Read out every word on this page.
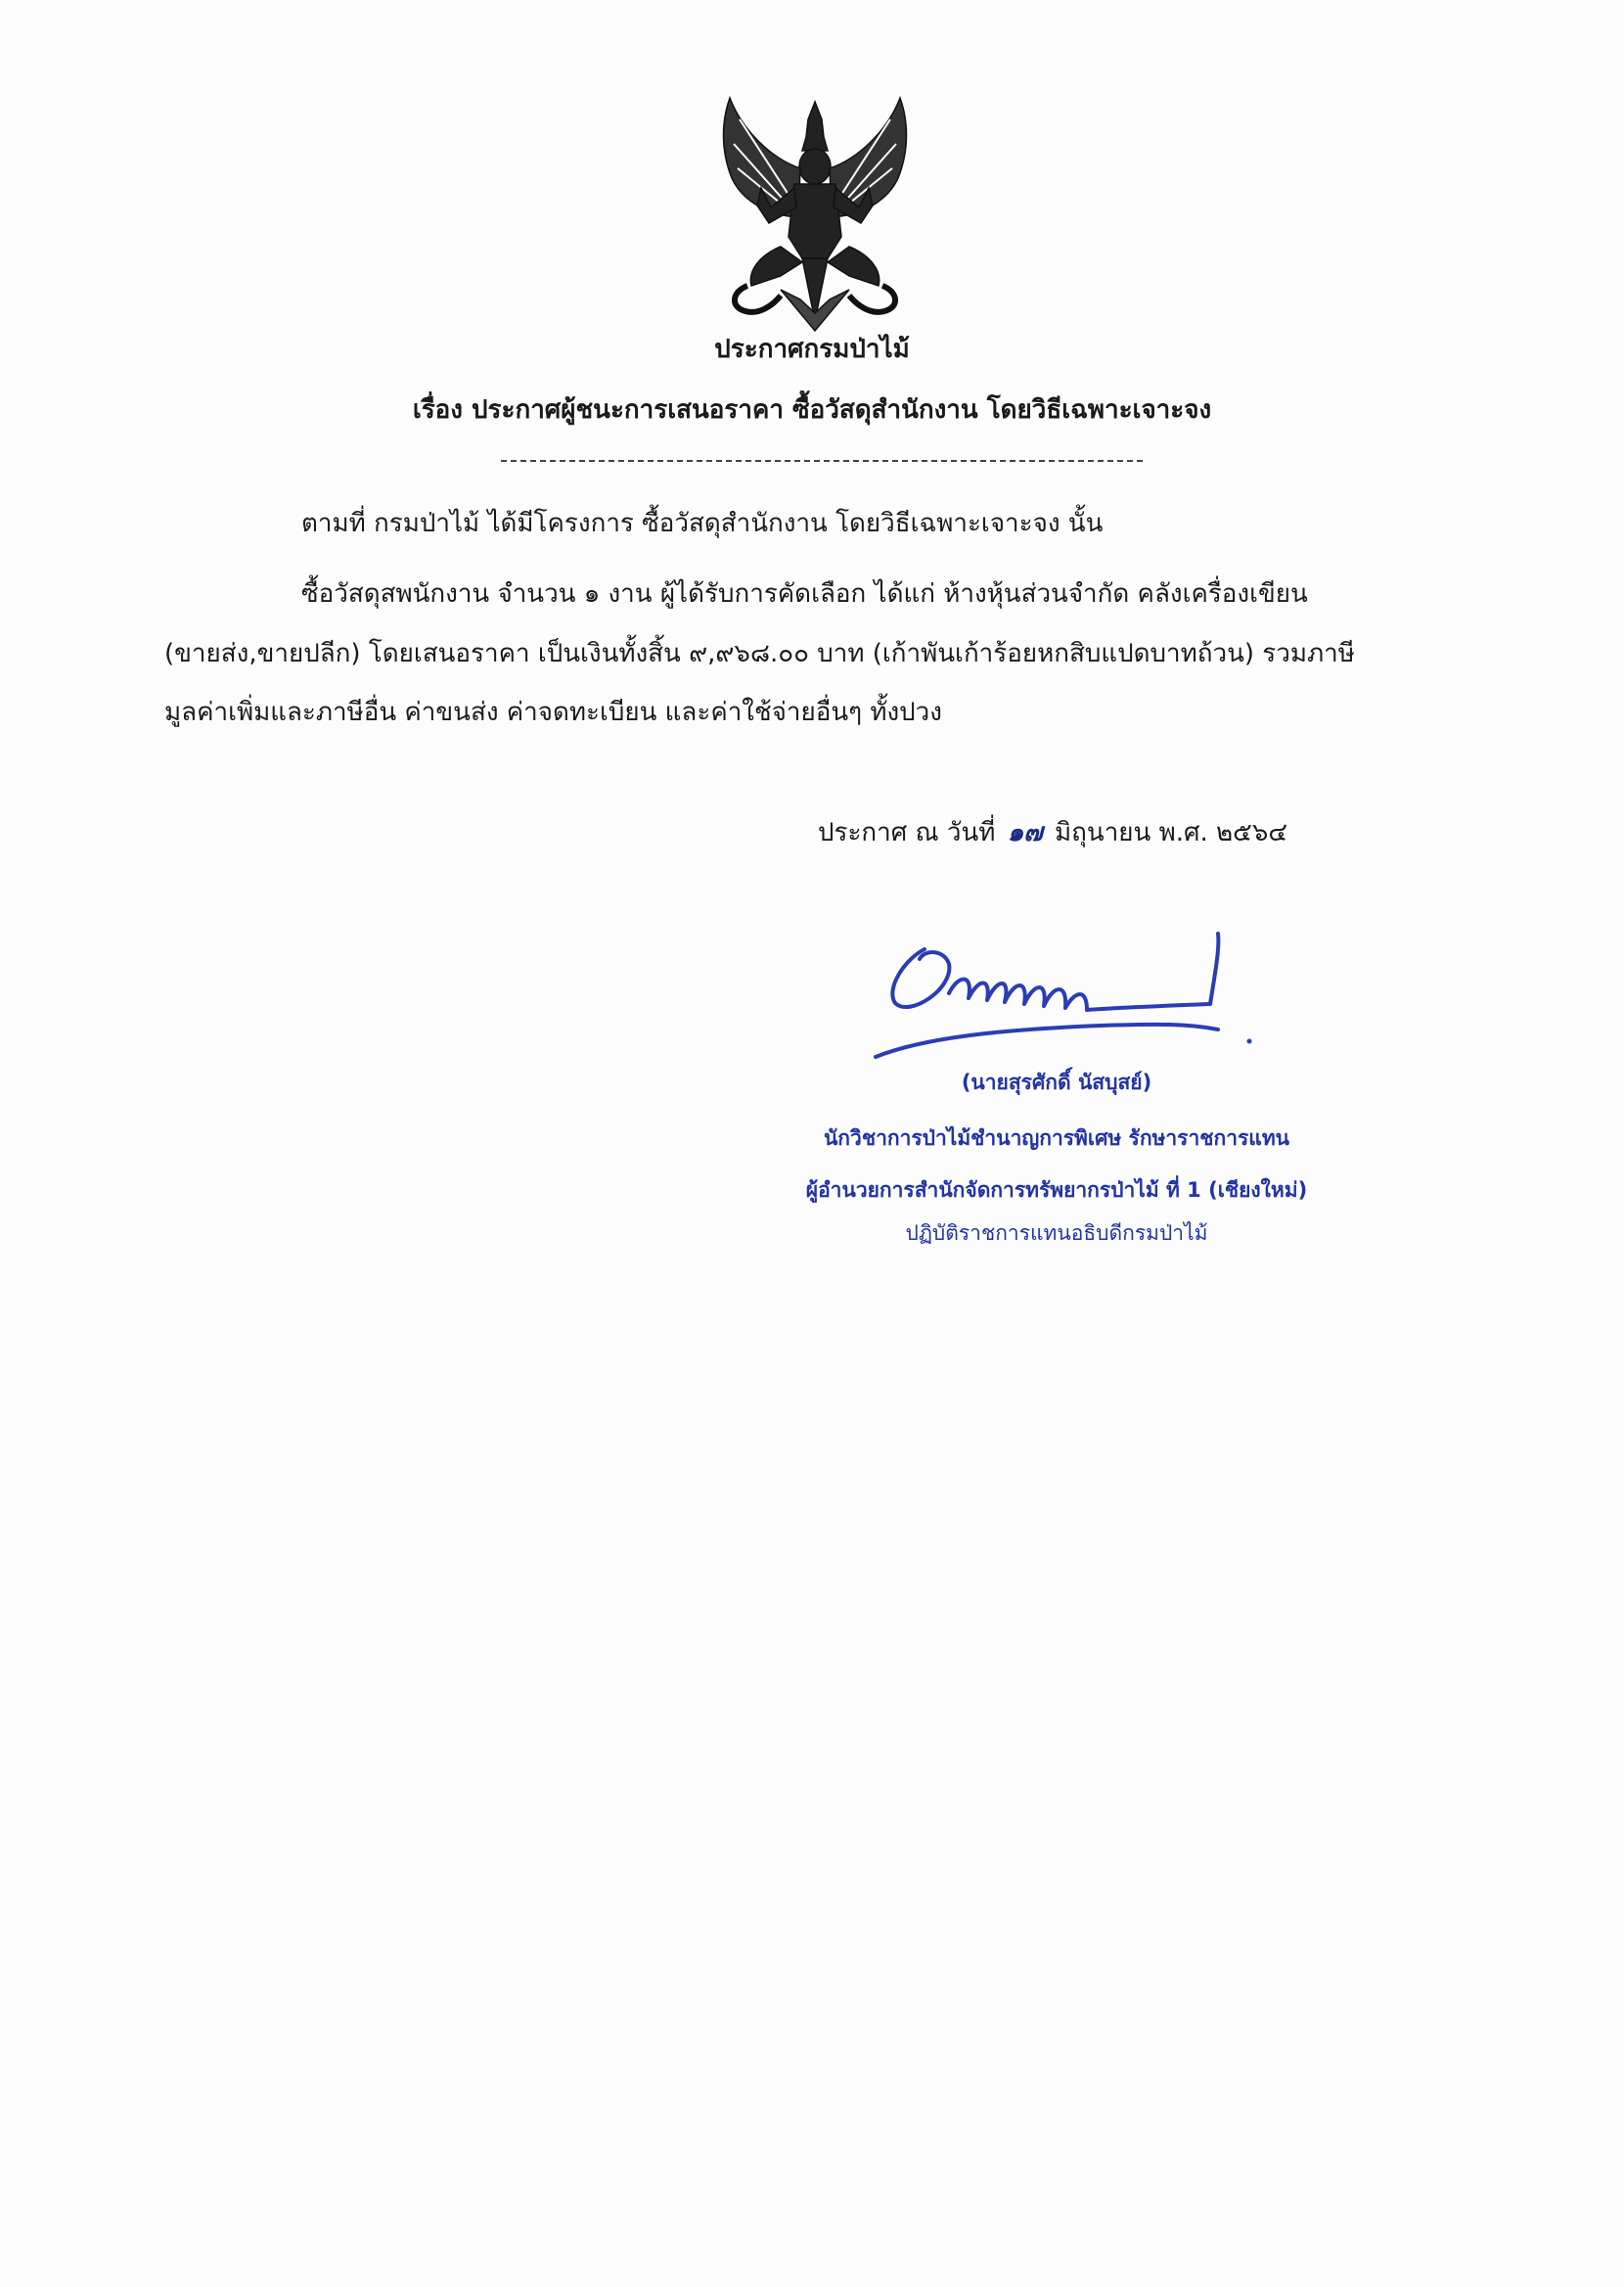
ประกาศกรมป่าไม้
เรื่อง ประกาศผู้ชนะการเสนอราคา ซื้อวัสดุสำนักงาน โดยวิธีเฉพาะเจาะจง
ตามที่ กรมป่าไม้ ได้มีโครงการ ซื้อวัสดุสำนักงาน โดยวิธีเฉพาะเจาะจง นั้น
ซื้อวัสดุสพนักงาน จำนวน ๑ งาน ผู้ได้รับการคัดเลือก ได้แก่ ห้างหุ้นส่วนจำกัด คลังเครื่องเขียน
(ขายส่ง,ขายปลีก) โดยเสนอราคา เป็นเงินทั้งสิ้น ๙,๙๖๘.๐๐ บาท (เก้าพันเก้าร้อยหกสิบแปดบาทถ้วน) รวมภาษี
มูลค่าเพิ่มและภาษีอื่น ค่าขนส่ง ค่าจดทะเบียน และค่าใช้จ่ายอื่นๆ ทั้งปวง
ประกาศ ณ วันที่ ๑๗ มิถุนายน พ.ศ. ๒๕๖๔
(นายสุรศักดิ์ นัสบุสย์)
นักวิชาการป่าไม้ชำนาญการพิเศษ รักษาราชการแทน
ผู้อำนวยการสำนักจัดการทรัพยากรป่าไม้ ที่ 1 (เชียงใหม่)
ปฏิบัติราชการแทนอธิบดีกรมป่าไม้
